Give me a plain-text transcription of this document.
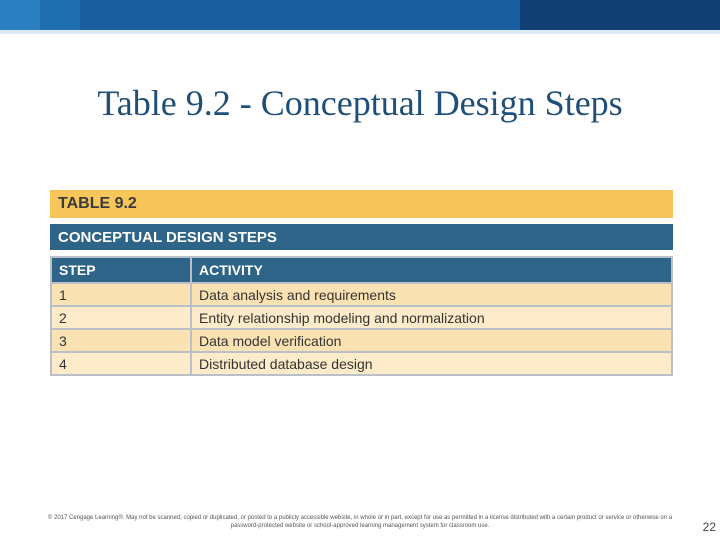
Table 9.2 - Conceptual Design Steps
TABLE 9.2
CONCEPTUAL DESIGN STEPS
STEP	ACTIVITY
1	Data analysis and requirements
2	Entity relationship modeling and normalization
3	Data model verification
4	Distributed database design
© 2017 Cengage Learning®. May not be scanned, copied or duplicated, or posted to a publicly accessible website, in whole or in part, except for use as permitted in a license distributed with a certain product or service or otherwise on a password-protected website or school-approved learning management system for classroom use.	22
